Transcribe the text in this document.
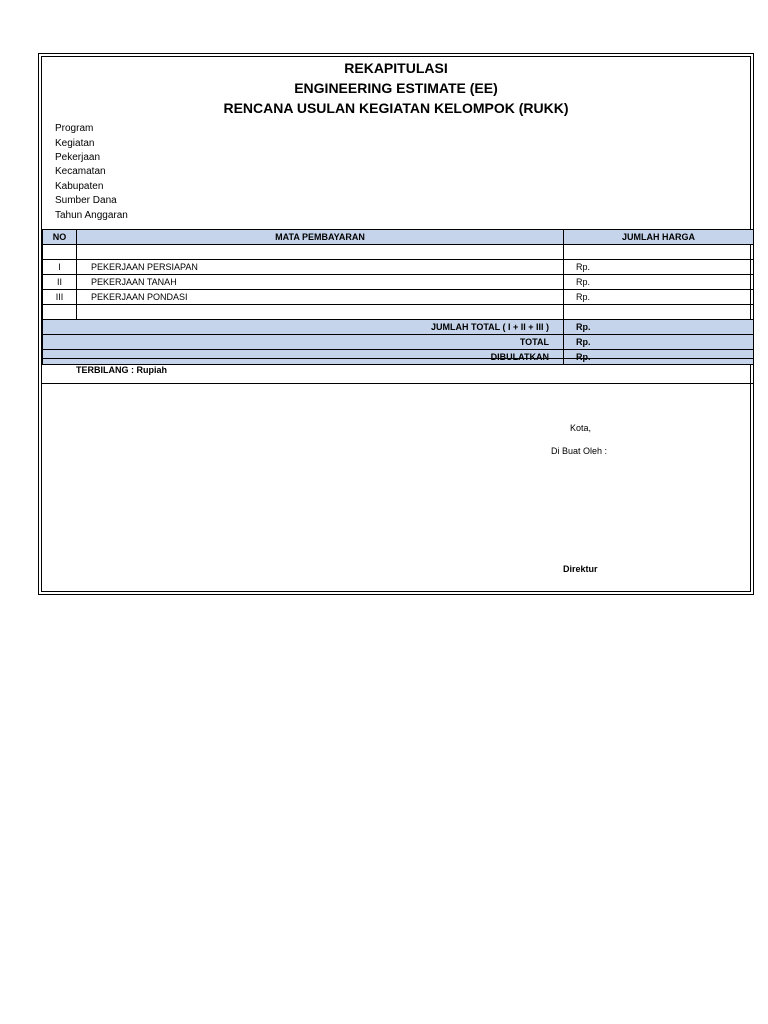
REKAPITULASI
ENGINEERING ESTIMATE (EE)
RENCANA USULAN KEGIATAN KELOMPOK (RUKK)
Program
Kegiatan
Pekerjaan
Kecamatan
Kabupaten
Sumber Dana
Tahun Anggaran
NO	MATA PEMBAYARAN	JUMLAH HARGA

I	PEKERJAAN PERSIAPAN	Rp.
II	PEKERJAAN TANAH	Rp.
III	PEKERJAAN PONDASI	Rp.

JUMLAH TOTAL ( I + II + III )		Rp.
TOTAL		Rp.
DIBULATKAN		Rp.
TERBILANG : Rupiah
Kota,
Di Buat Oleh :
Direktur
